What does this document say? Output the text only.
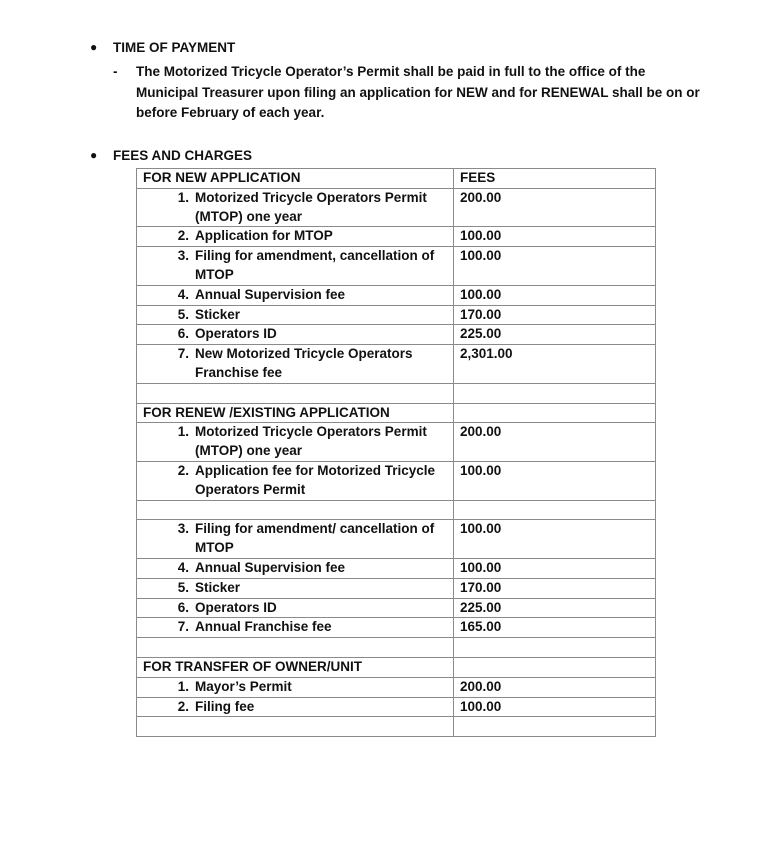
● TIME OF PAYMENT
- The Motorized Tricycle Operator’s Permit shall be paid in full to the office of the Municipal Treasurer upon filing an application for NEW and for RENEWAL shall be on or before February of each year.
● FEES AND CHARGES
FOR NEW APPLICATION	FEES

1. Motorized Tricycle Operators Permit (MTOP) one year	200.00

2. Application for MTOP	100.00

3. Filing for amendment, cancellation of MTOP	100.00

4. Annual Supervision fee	100.00

5. Sticker	170.00

6. Operators ID	225.00

7. New Motorized Tricycle Operators Franchise fee	2,301.00

FOR RENEW /EXISTING APPLICATION	

1. Motorized Tricycle Operators Permit (MTOP) one year	200.00

2. Application fee for Motorized Tricycle Operators Permit	100.00

3. Filing for amendment/ cancellation of MTOP	100.00

4. Annual Supervision fee	100.00

5. Sticker	170.00

6. Operators ID	225.00

7. Annual Franchise fee	165.00

FOR TRANSFER OF OWNER/UNIT	

1. Mayor’s Permit	200.00

2. Filing fee	100.00
